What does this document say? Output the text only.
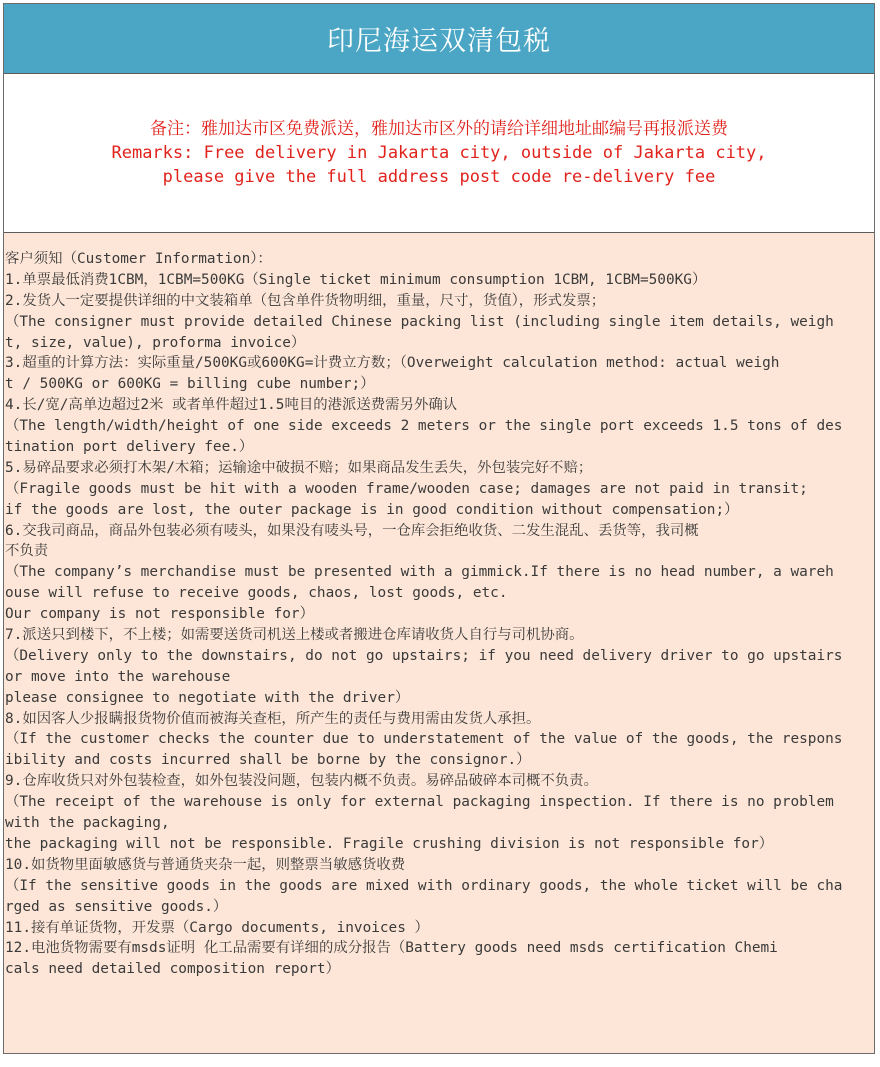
印尼海运双清包税
备注：雅加达市区免费派送，雅加达市区外的请给详细地址邮编号再报派送费
Remarks: Free delivery in Jakarta city, outside of Jakarta city,
please give the full address post code re-delivery fee
客户须知（Customer Information）：
1.单票最低消费1CBM，1CBM=500KG（Single ticket minimum consumption 1CBM, 1CBM=500KG）
2.发货人一定要提供详细的中文装箱单（包含单件货物明细，重量，尺寸，货值），形式发票；
（The consigner must provide detailed Chinese packing list (including single item details, weigh
t, size, value), proforma invoice）
3.超重的计算方法：实际重量/500KG或600KG=计费立方数；（Overweight calculation method: actual weigh
t / 500KG or 600KG = billing cube number;）
4.长/宽/高单边超过2米 或者单件超过1.5吨目的港派送费需另外确认
（The length/width/height of one side exceeds 2 meters or the single port exceeds 1.5 tons of des
tination port delivery fee.）
5.易碎品要求必须打木架/木箱；运输途中破损不赔；如果商品发生丢失，外包装完好不赔；
（Fragile goods must be hit with a wooden frame/wooden case; damages are not paid in transit;
if the goods are lost, the outer package is in good condition without compensation;）
6.交我司商品，商品外包装必须有唛头，如果没有唛头号，一仓库会拒绝收货、二发生混乱、丢货等，我司概
不负责
（The company’s merchandise must be presented with a gimmick.If there is no head number, a wareh
ouse will refuse to receive goods, chaos, lost goods, etc.
Our company is not responsible for）
7.派送只到楼下，不上楼；如需要送货司机送上楼或者搬进仓库请收货人自行与司机协商。
（Delivery only to the downstairs, do not go upstairs; if you need delivery driver to go upstairs
or move into the warehouse
please consignee to negotiate with the driver）
8.如因客人少报瞒报货物价值而被海关查柜，所产生的责任与费用需由发货人承担。
（If the customer checks the counter due to understatement of the value of the goods, the respons
ibility and costs incurred shall be borne by the consignor.）
9.仓库收货只对外包装检查，如外包装没问题，包装内概不负责。易碎品破碎本司概不负责。
（The receipt of the warehouse is only for external packaging inspection. If there is no problem
with the packaging,
the packaging will not be responsible. Fragile crushing division is not responsible for）
10.如货物里面敏感货与普通货夹杂一起，则整票当敏感货收费
（If the sensitive goods in the goods are mixed with ordinary goods, the whole ticket will be cha
rged as sensitive goods.）
11.接有单证货物，开发票（Cargo documents, invoices ）
12.电池货物需要有msds证明 化工品需要有详细的成分报告（Battery goods need msds certification Chemi
cals need detailed composition report）
